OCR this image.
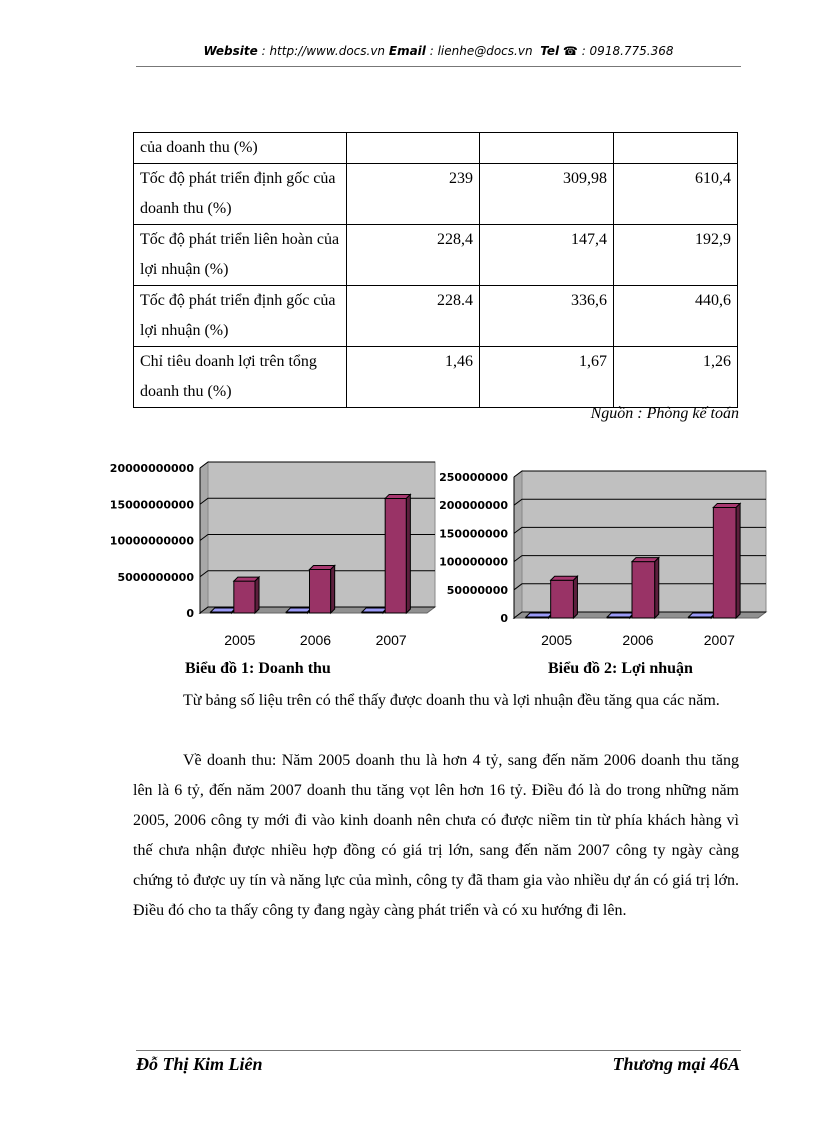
Website : http://www.docs.vn Email : lienhe@docs.vn Tel ☎ : 0918.775.368
của doanh thu (%)			
Tốc độ phát triển định gốc của doanh thu (%)	239	309,98	610,4
Tốc độ phát triển liên hoàn của lợi nhuận (%)	228,4	147,4	192,9
Tốc độ phát triển định gốc của lợi nhuận (%)	228.4	336,6	440,6
Chỉ tiêu doanh lợi trên tổng doanh thu (%)	1,46	1,67	1,26
Nguồn : Phòng kế toán
0
5000000000
10000000000
15000000000
20000000000
2005	2006	2007
0
50000000
100000000
150000000
200000000
250000000
2005	2006	2007
Biểu đồ 1: Doanh thu	Biểu đồ 2: Lợi nhuận
Từ bảng số liệu trên có thể thấy được doanh thu và lợi nhuận đều tăng qua các năm.
Về doanh thu: Năm 2005 doanh thu là hơn 4 tỷ, sang đến năm 2006 doanh thu tăng lên là 6 tỷ, đến năm 2007 doanh thu tăng vọt lên hơn 16 tỷ. Điều đó là do trong những năm 2005, 2006 công ty mới đi vào kinh doanh nên chưa có được niềm tin từ phía khách hàng vì thế chưa nhận được nhiều hợp đồng có giá trị lớn, sang đến năm 2007 công ty ngày càng chứng tỏ được uy tín và năng lực của mình, công ty đã tham gia vào nhiều dự án có giá trị lớn. Điều đó cho ta thấy công ty đang ngày càng phát triển và có xu hướng đi lên.
Đỗ Thị Kim Liên	Thương mại 46A
